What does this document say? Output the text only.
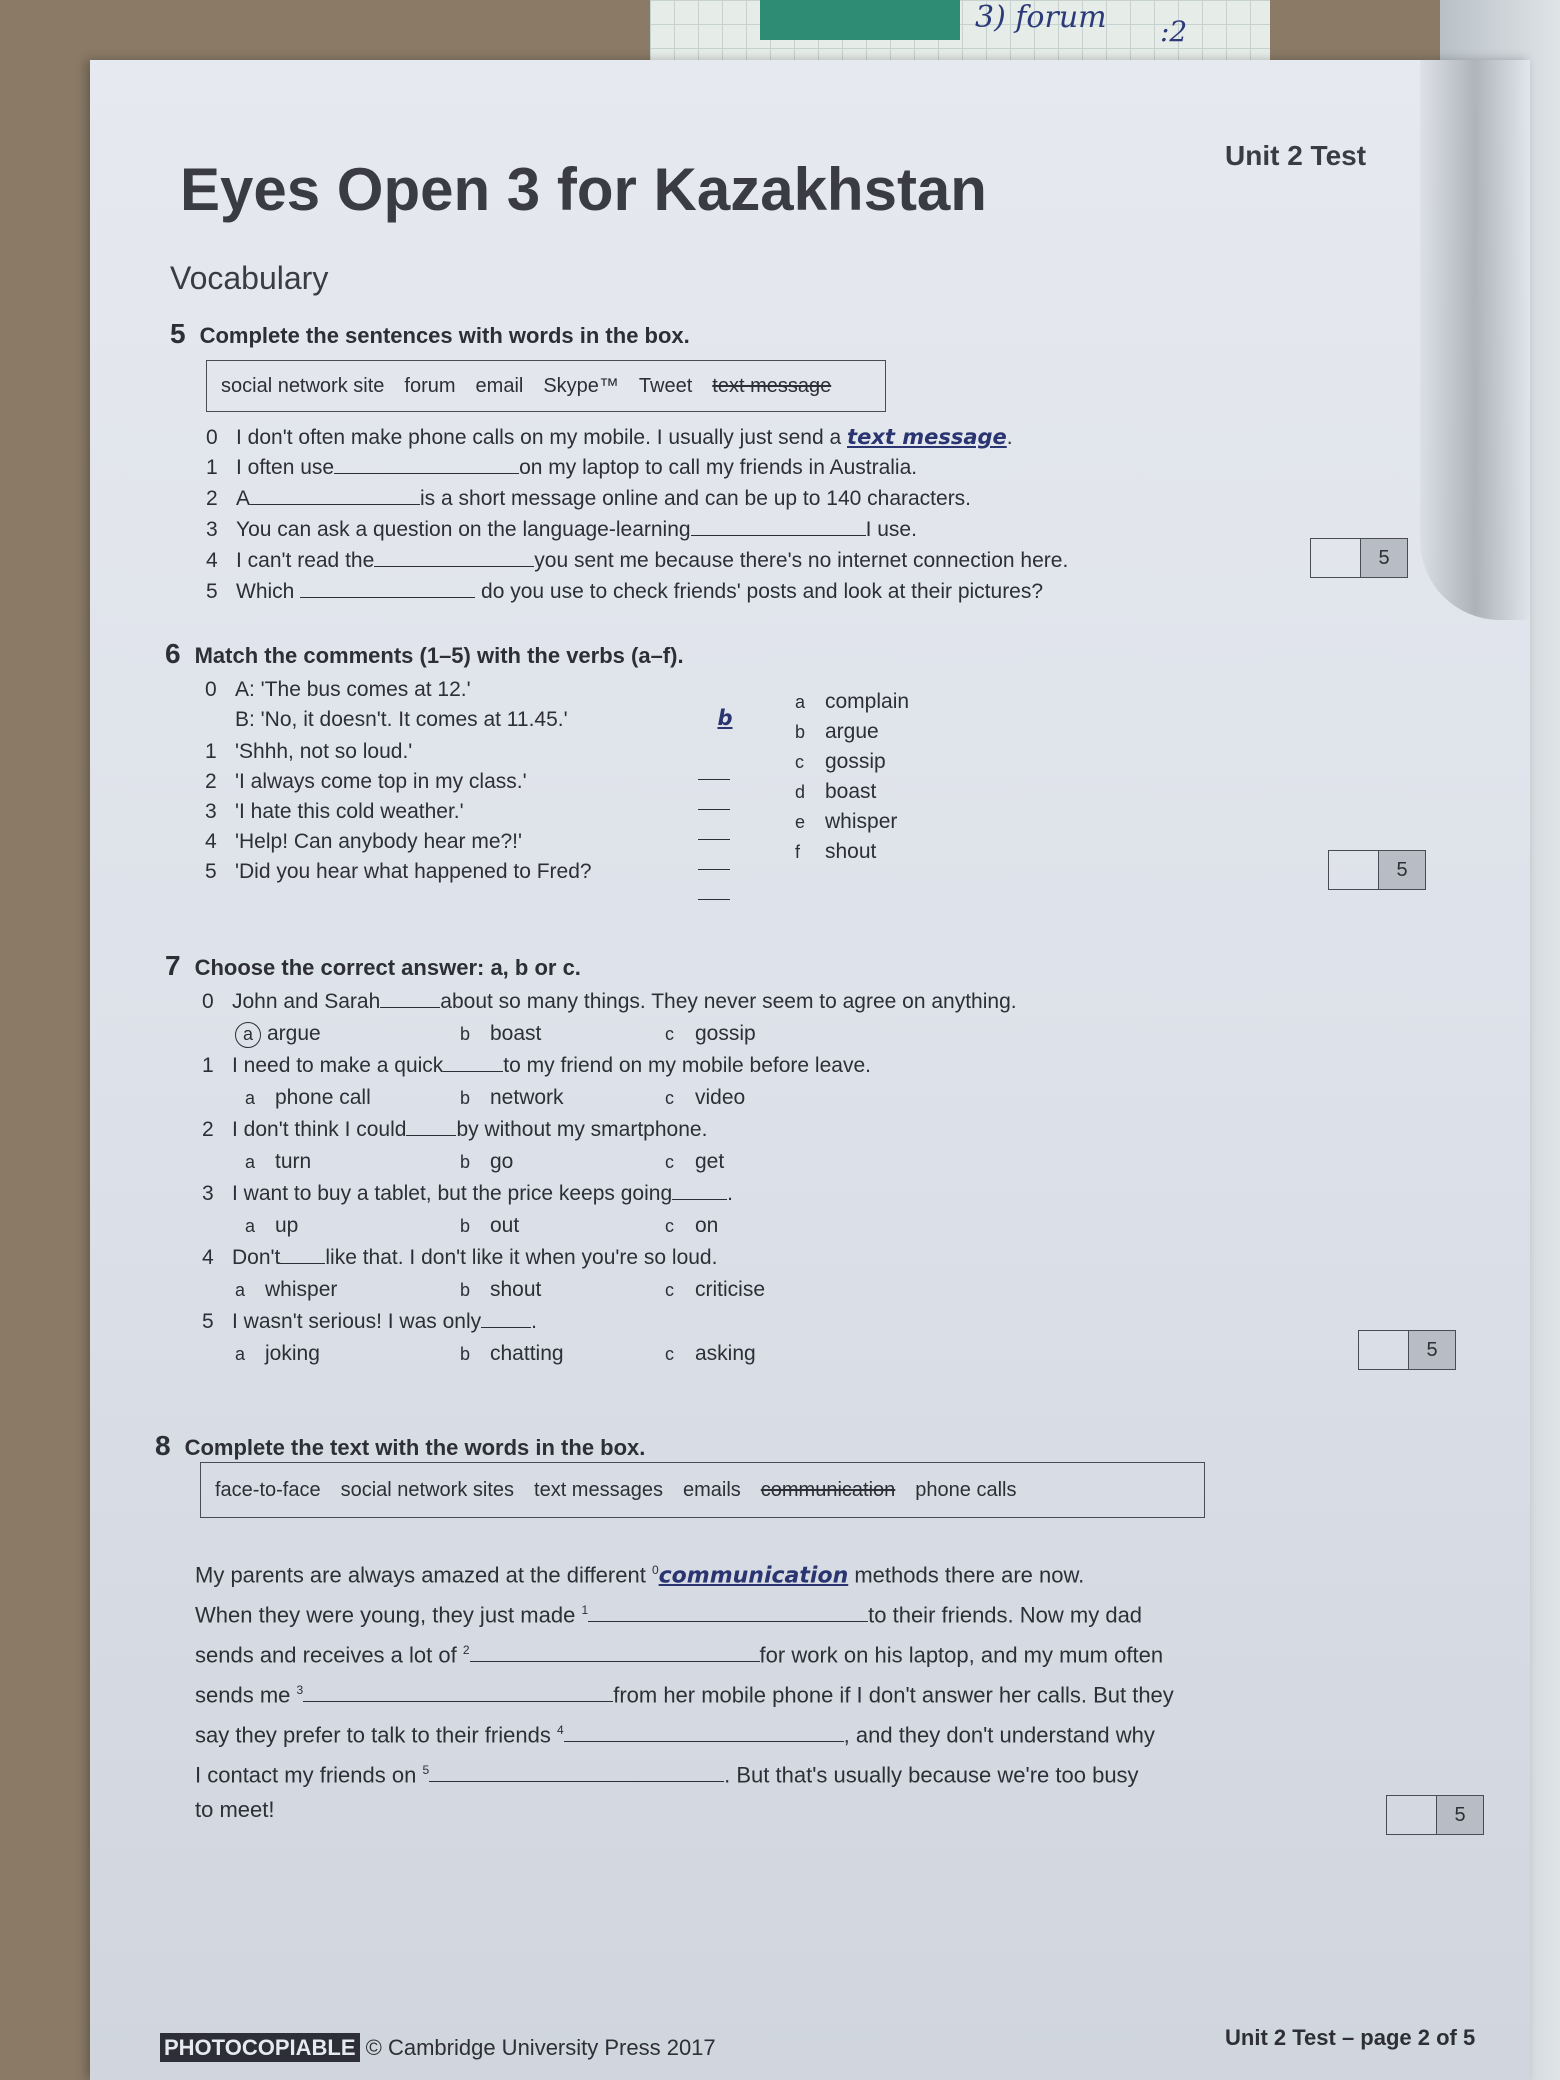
3) forum :2
Eyes Open 3 for Kazakhstan
Unit 2 Test
Vocabulary
5 Complete the sentences with words in the box.
social network site forum email Skype™ Tweet text message
0 I don't often make phone calls on my mobile. I usually just send a text message.
1 I often use	on my laptop to call my friends in Australia.
2 A	is a short message online and can be up to 140 characters.
3 You can ask a question on the language-learning	I use.
4 I can't read the	you sent me because there's no internet connection here.
5 Which	do you use to check friends' posts and look at their pictures?
5
6 Match the comments (1–5) with the verbs (a–f).
0 A: 'The bus comes at 12.'
B: 'No, it doesn't. It comes at 11.45.'	b
1 'Shhh, not so loud.'
2 'I always come top in my class.'
3 'I hate this cold weather.'
4 'Help! Can anybody hear me?!'
5 'Did you hear what happened to Fred?
a complain
b argue
c gossip
d boast
e whisper
f shout
5
7 Choose the correct answer: a, b or c.
0 John and Sarah	about so many things. They never seem to agree on anything.
a argue	b boast	c gossip
1 I need to make a quick	to my friend on my mobile before leave.
a phone call	b network	c video
2 I don't think I could by without my smartphone.
a turn	b go	c get
3 I want to buy a tablet, but the price keeps going	.
a up	b out	c on
4 Don't like that. I don't like it when you're so loud.
a whisper	b shout	c criticise
5 I wasn't serious! I was only .
a joking	b chatting	c asking	5
8 Complete the text with the words in the box.
face-to-face social network sites text messages emails communication phone calls
My parents are always amazed at the different $^0$communication methods there are now.
When they were young, they just made $^1$	to their friends. Now my dad
sends and receives a lot of $^2$	for work on his laptop, and my mum often
sends me $^3$	from her mobile phone if I don't answer her calls. But they
say they prefer to talk to their friends $^4$	, and they don't understand why
I contact my friends on $^5$	. But that's usually because we're too busy
to meet!	5
PHOTOCOPIABLE © Cambridge University Press 2017	Unit 2 Test – page 2 of 5
